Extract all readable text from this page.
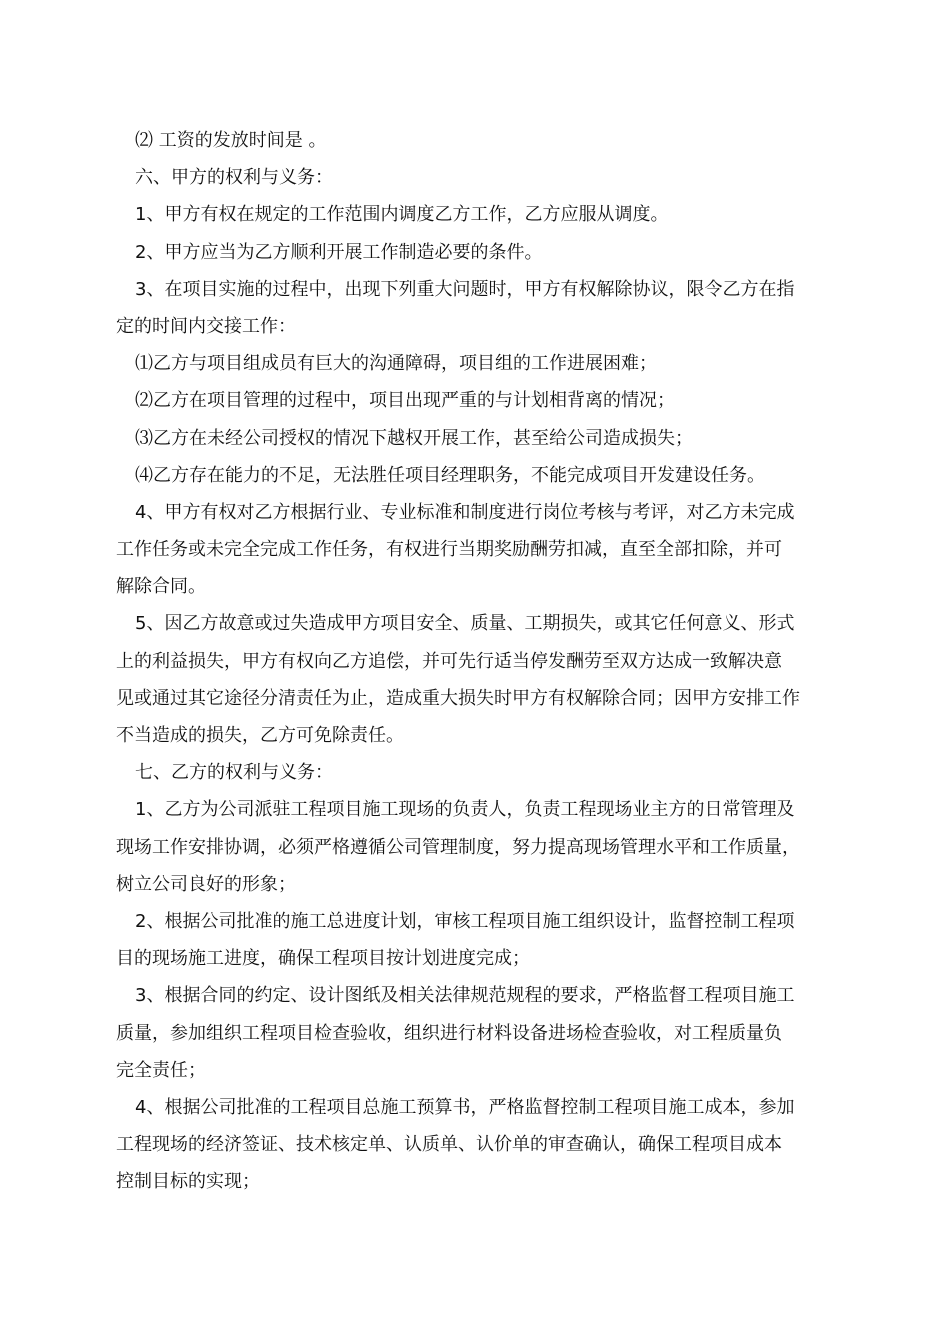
⑵ 工资的发放时间是 。
六、甲方的权利与义务：
1、甲方有权在规定的工作范围内调度乙方工作，乙方应服从调度。
2、甲方应当为乙方顺利开展工作制造必要的条件。
3、在项目实施的过程中，出现下列重大问题时，甲方有权解除协议，限令乙方在指
定的时间内交接工作：
⑴乙方与项目组成员有巨大的沟通障碍，项目组的工作进展困难；
⑵乙方在项目管理的过程中，项目出现严重的与计划相背离的情况；
⑶乙方在未经公司授权的情况下越权开展工作，甚至给公司造成损失；
⑷乙方存在能力的不足，无法胜任项目经理职务，不能完成项目开发建设任务。
4、甲方有权对乙方根据行业、专业标准和制度进行岗位考核与考评，对乙方未完成
工作任务或未完全完成工作任务，有权进行当期奖励酬劳扣减，直至全部扣除，并可
解除合同。
5、因乙方故意或过失造成甲方项目安全、质量、工期损失，或其它任何意义、形式
上的利益损失，甲方有权向乙方追偿，并可先行适当停发酬劳至双方达成一致解决意
见或通过其它途径分清责任为止，造成重大损失时甲方有权解除合同；因甲方安排工作
不当造成的损失，乙方可免除责任。
七、乙方的权利与义务：
1、乙方为公司派驻工程项目施工现场的负责人，负责工程现场业主方的日常管理及
现场工作安排协调，必须严格遵循公司管理制度，努力提高现场管理水平和工作质量，
树立公司良好的形象；
2、根据公司批准的施工总进度计划，审核工程项目施工组织设计，监督控制工程项
目的现场施工进度，确保工程项目按计划进度完成；
3、根据合同的约定、设计图纸及相关法律规范规程的要求，严格监督工程项目施工
质量，参加组织工程项目检查验收，组织进行材料设备进场检查验收，对工程质量负
完全责任；
4、根据公司批准的工程项目总施工预算书，严格监督控制工程项目施工成本，参加
工程现场的经济签证、技术核定单、认质单、认价单的审查确认，确保工程项目成本
控制目标的实现；
